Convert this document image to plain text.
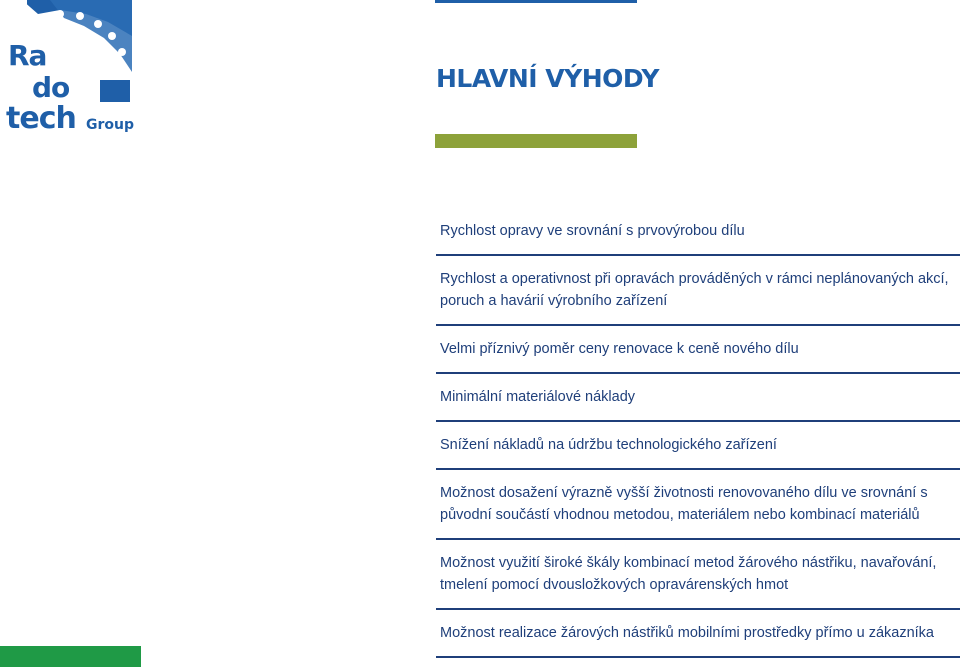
Ra
do
tech Group
HLAVNÍ VÝHODY
Rychlost opravy ve srovnání s prvovýrobou dílu
Rychlost a operativnost při opravách prováděných v rámci neplánovaných akcí, poruch a havárií výrobního zařízení
Velmi příznivý poměr ceny renovace k ceně nového dílu
Minimální materiálové náklady
Snížení nákladů na údržbu technologického zařízení
Možnost dosažení výrazně vyšší životnosti renovovaného dílu ve srovnání s původní součástí vhodnou metodou, materiálem nebo kombinací materiálů
Možnost využití široké škály kombinací metod žárového nástřiku, navařování, tmelení pomocí dvousložkových opravárenských hmot
Možnost realizace žárových nástřiků mobilními prostředky přímo u zákazníka
